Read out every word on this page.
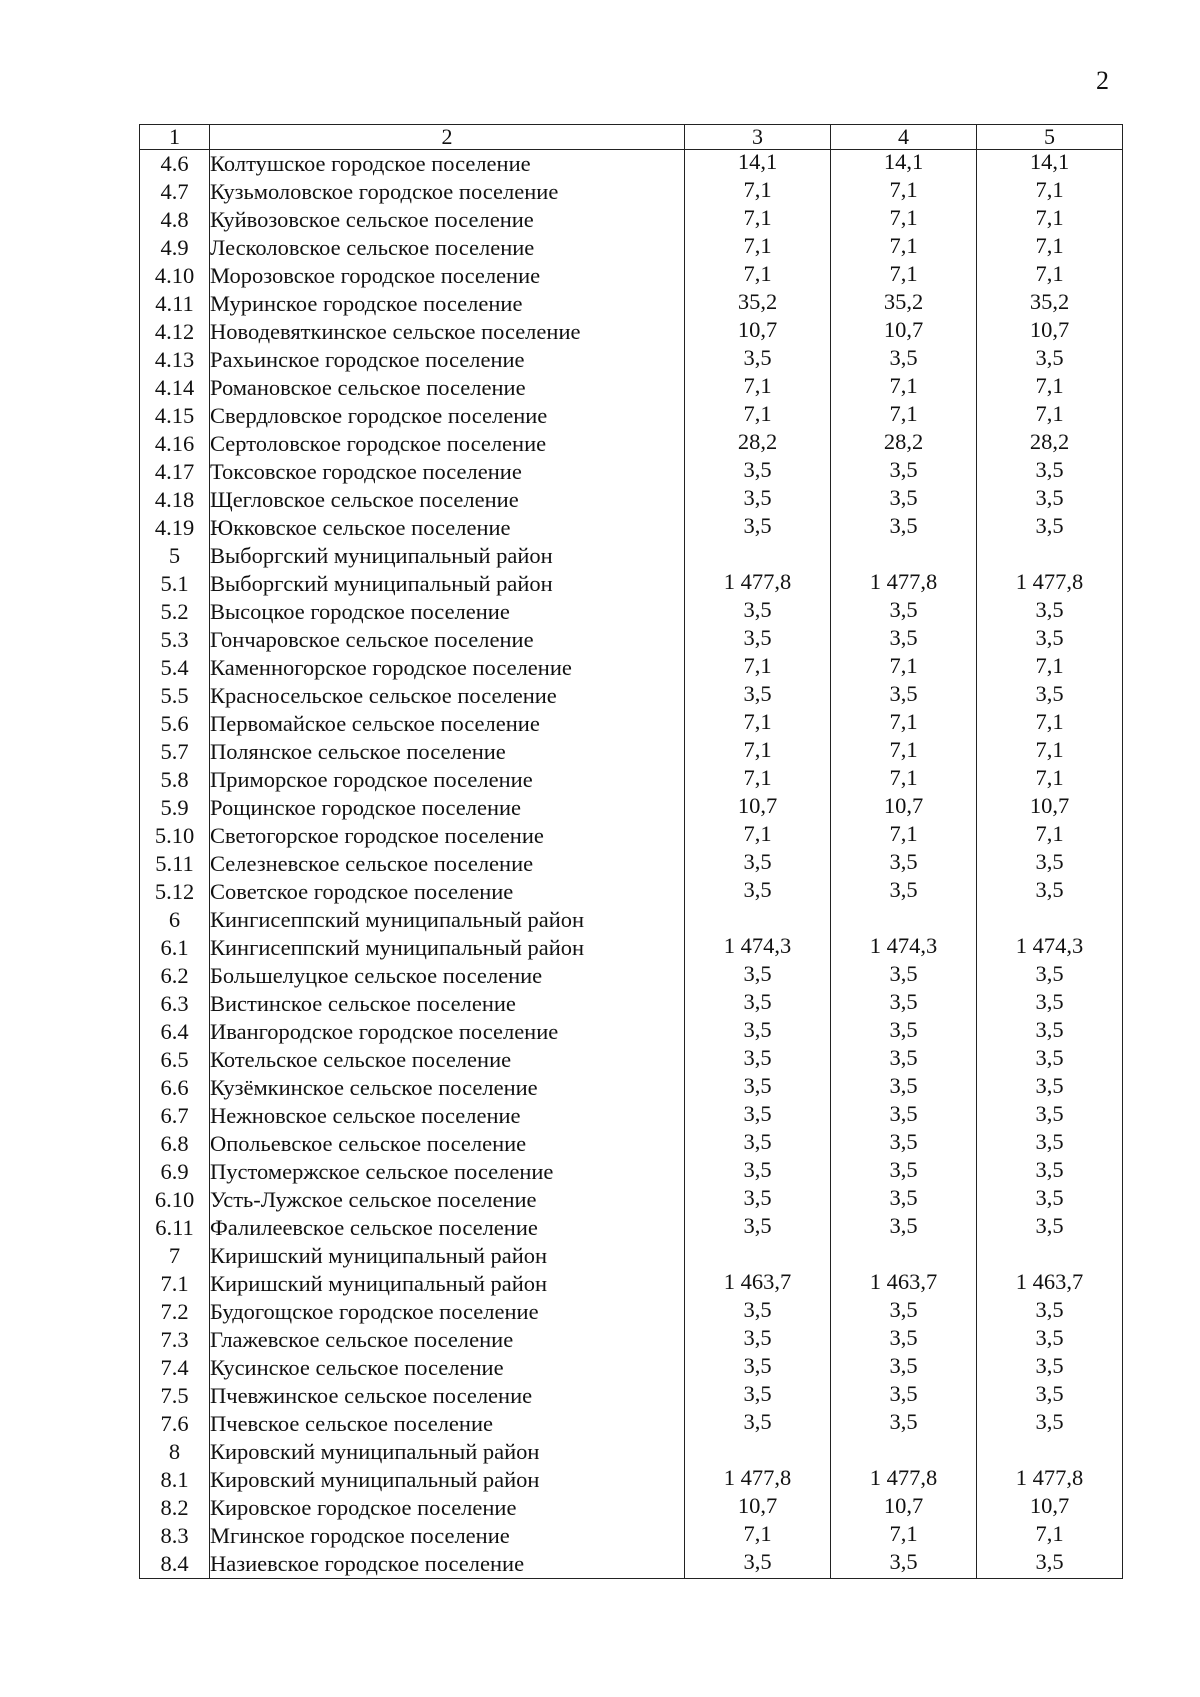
2
1	2	3	4	5
4.6	Колтушское городское поселение	14,1	14,1	14,1
4.7	Кузьмоловское городское поселение	7,1	7,1	7,1
4.8	Куйвозовское сельское поселение	7,1	7,1	7,1
4.9	Лесколовское сельское поселение	7,1	7,1	7,1
4.10	Морозовское городское поселение	7,1	7,1	7,1
4.11	Муринское городское поселение	35,2	35,2	35,2
4.12	Новодевяткинское сельское поселение	10,7	10,7	10,7
4.13	Рахьинское городское поселение	3,5	3,5	3,5
4.14	Романовское сельское поселение	7,1	7,1	7,1
4.15	Свердловское городское поселение	7,1	7,1	7,1
4.16	Сертоловское городское поселение	28,2	28,2	28,2
4.17	Токсовское городское поселение	3,5	3,5	3,5
4.18	Щегловское сельское поселение	3,5	3,5	3,5
4.19	Юкковское сельское поселение	3,5	3,5	3,5
5	Выборгский муниципальный район			
5.1	Выборгский муниципальный район	1 477,8	1 477,8	1 477,8
5.2	Высоцкое городское поселение	3,5	3,5	3,5
5.3	Гончаровское сельское поселение	3,5	3,5	3,5
5.4	Каменногорское городское поселение	7,1	7,1	7,1
5.5	Красносельское сельское поселение	3,5	3,5	3,5
5.6	Первомайское сельское поселение	7,1	7,1	7,1
5.7	Полянское сельское поселение	7,1	7,1	7,1
5.8	Приморское городское поселение	7,1	7,1	7,1
5.9	Рощинское городское поселение	10,7	10,7	10,7
5.10	Светогорское городское поселение	7,1	7,1	7,1
5.11	Селезневское сельское поселение	3,5	3,5	3,5
5.12	Советское городское поселение	3,5	3,5	3,5
6	Кингисеппский муниципальный район			
6.1	Кингисеппский муниципальный район	1 474,3	1 474,3	1 474,3
6.2	Большелуцкое сельское поселение	3,5	3,5	3,5
6.3	Вистинское сельское поселение	3,5	3,5	3,5
6.4	Ивангородское городское поселение	3,5	3,5	3,5
6.5	Котельское сельское поселение	3,5	3,5	3,5
6.6	Кузёмкинское сельское поселение	3,5	3,5	3,5
6.7	Нежновское сельское поселение	3,5	3,5	3,5
6.8	Опольевское сельское поселение	3,5	3,5	3,5
6.9	Пустомержское сельское поселение	3,5	3,5	3,5
6.10	Усть-Лужское сельское поселение	3,5	3,5	3,5
6.11	Фалилеевское сельское поселение	3,5	3,5	3,5
7	Киришский муниципальный район			
7.1	Киришский муниципальный район	1 463,7	1 463,7	1 463,7
7.2	Будогощское городское поселение	3,5	3,5	3,5
7.3	Глажевское сельское поселение	3,5	3,5	3,5
7.4	Кусинское сельское поселение	3,5	3,5	3,5
7.5	Пчевжинское сельское поселение	3,5	3,5	3,5
7.6	Пчевское сельское поселение	3,5	3,5	3,5
8	Кировский муниципальный район			
8.1	Кировский муниципальный район	1 477,8	1 477,8	1 477,8
8.2	Кировское городское поселение	10,7	10,7	10,7
8.3	Мгинское городское поселение	7,1	7,1	7,1
8.4	Назиевское городское поселение	3,5	3,5	3,5
